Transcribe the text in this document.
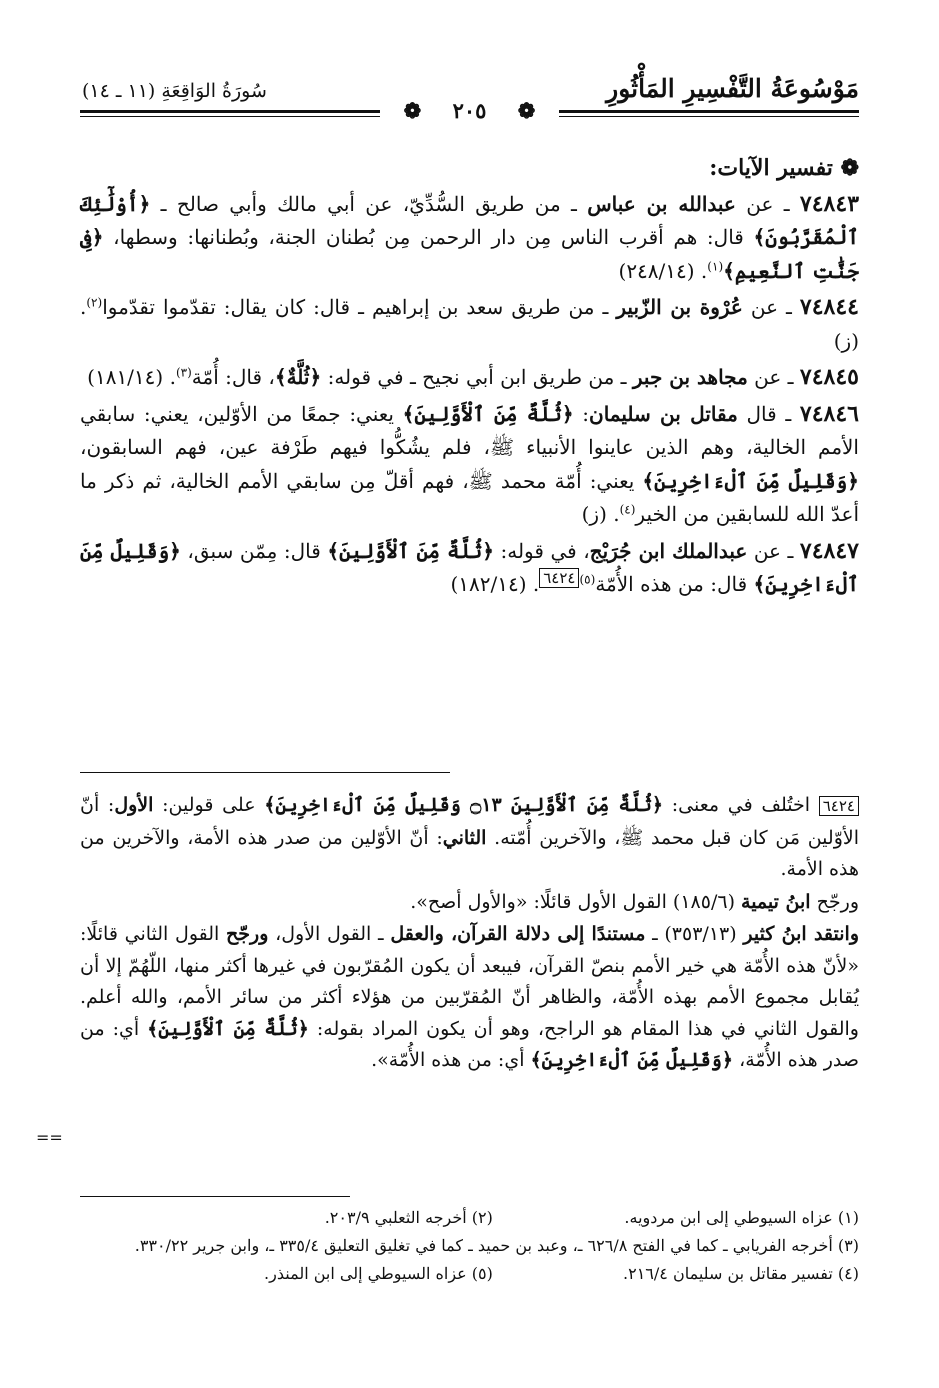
مَوْسُوعَةُ التَّفْسِيرِ المَأْثُورِ
سُورَةُ الوَاقِعَةِ (١١ ـ ١٤)
❁ ٢٠٥ ❁
❁ تفسير الآيات:
٧٤٨٤٣ ـ عن عبدالله بن عباس ـ من طريق السُّدِّيّ، عن أبي مالك وأبي صالح ـ ﴿أُوْلَٰٓئِكَ ٱلْمُقَرَّبُونَ﴾ قال: هم أقرب الناس مِن دار الرحمن مِن بُطنان الجنة، وبُطنانها: وسطها، ﴿فِى جَنَّٰتِ ٱلنَّعِيمِ﴾$^{(١)}$. (٢٤٨/١٤)
٧٤٨٤٤ ـ عن عُرْوة بن الزّبير ـ من طريق سعد بن إبراهيم ـ قال: كان يقال: تقدّموا تقدّموا$^{(٢)}$. (ز)
٧٤٨٤٥ ـ عن مجاهد بن جبر ـ من طريق ابن أبي نجيح ـ في قوله: ﴿ثُلَّةٌ﴾، قال: أُمّة$^{(٣)}$. (١٨١/١٤)
٧٤٨٤٦ ـ قال مقاتل بن سليمان: ﴿ثُلَّةٌ مِّنَ ٱلْأَوَّلِينَ﴾ يعني: جمعًا من الأوّلين، يعني: سابقي الأمم الخالية، وهم الذين عاينوا الأنبياء ﷺ، فلم يشُكُّوا فيهم طَرْفة عين، فهم السابقون، ﴿وَقَلِيلٌ مِّنَ ٱلْءَاخِرِينَ﴾ يعني: أُمّة محمد ﷺ، فهم أقلّ مِن سابقي الأمم الخالية، ثم ذكر ما أعدّ الله للسابقين من الخير$^{(٤)}$. (ز)
٧٤٨٤٧ ـ عن عبدالملك ابن جُرَيْج، في قوله: ﴿ثُلَّةٌ مِّنَ ٱلْأَوَّلِينَ﴾ قال: مِمّن سبق، ﴿وَقَلِيلٌ مِّنَ ٱلْءَاخِرِينَ﴾ قال: من هذه الأُمّة$^{(٥)٦٤٢٤}$. (١٨٢/١٤)

٦٤٢٤ اختُلف في معنى: ﴿ثُلَّةٌ مِّنَ ٱلْأَوَّلِينَ ۝١٣ وَقَلِيلٌ مِّنَ ٱلْءَاخِرِينَ﴾ على قولين: الأول: أنّ الأوّلين مَن كان قبل محمد ﷺ، والآخرين أُمّته. الثاني: أنّ الأوّلين من صدر هذه الأمة، والآخرين من هذه الأمة.

ورجّح ابنُ تيمية (١٨٥/٦) القول الأول قائلًا: «والأول أصح».

وانتقد ابنُ كثير (٣٥٣/١٣) ـ مستندًا إلى دلالة القرآن، والعقل ـ القول الأول، ورجّح القول الثاني قائلًا: «لأنّ هذه الأُمّة هي خير الأمم بنصّ القرآن، فيبعد أن يكون المُقرّبون في غيرها أكثر منها، اللّهُمّ إلا أن يُقابل مجموع الأمم بهذه الأُمّة، والظاهر أنّ المُقرّبين من هؤلاء أكثر من سائر الأمم، والله أعلم. والقول الثاني في هذا المقام هو الراجح، وهو أن يكون المراد بقوله: ﴿ثُلَّةٌ مِّنَ ٱلْأَوَّلِينَ﴾ أي: من صدر هذه الأُمّة، ﴿وَقَلِيلٌ مِّنَ ٱلْءَاخِرِينَ﴾ أي: من هذه الأُمّة».

==
(١) عزاه السيوطي إلى ابن مردويه.
(٢) أخرجه الثعلبي ٢٠٣/٩.
(٣) أخرجه الفريابي ـ كما في الفتح ٦٢٦/٨ ـ، وعبد بن حميد ـ كما في تغليق التعليق ٣٣٥/٤ ـ، وابن جرير ٣٣٠/٢٢.
(٤) تفسير مقاتل بن سليمان ٢١٦/٤.
(٥) عزاه السيوطي إلى ابن المنذر.
